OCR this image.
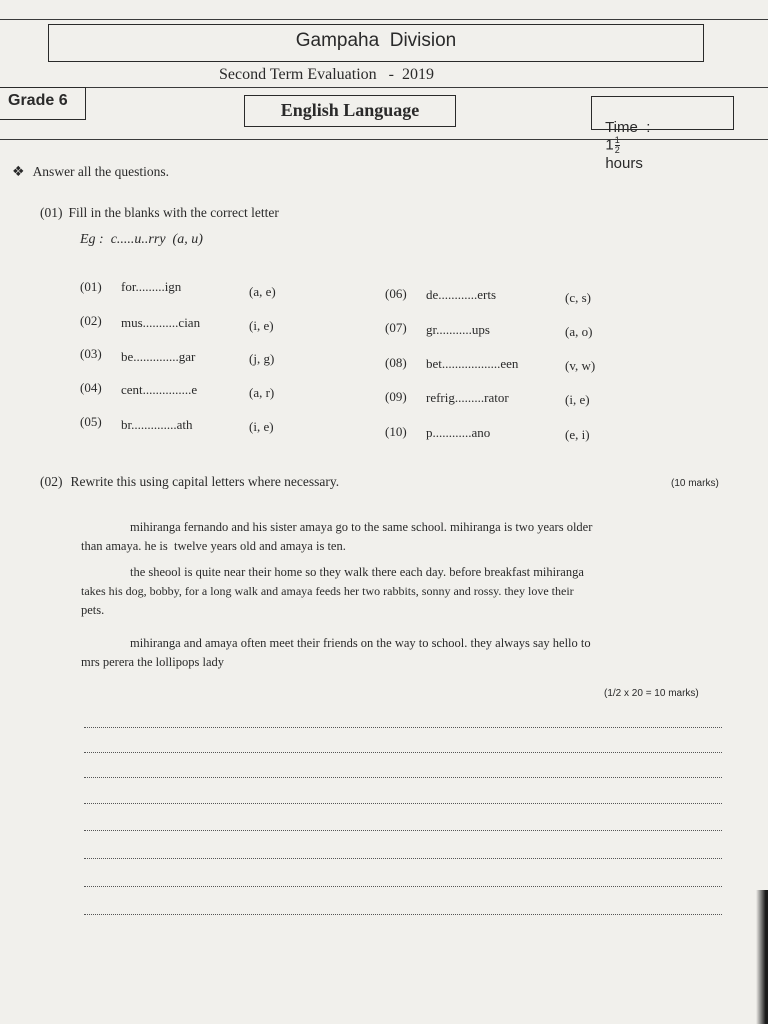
Gampaha  Division
Second Term Evaluation   -  2019
Grade 6	English Language

Time  :
$1 \frac{1}{2}$

hours

❖ Answer all the questions.
(01) Fill in the blanks with the correct letter
Eg :  c.....u..rry  (a, u)
(01) for.........ign	(a, e)
(02) mus...........cian	(i, e)
(03) be..............gar	(j, g)
(04) cent...............e	(a, r)
(05) br..............ath	(i, e)
(06) de............erts	(c, s)
(07) gr...........ups	(a, o)
(08) bet..................een	(v, w)
(09) refrig.........rator	(i, e)
(10) p............ano	(e, i)
(02) Rewrite this using capital letters where necessary.	(10 marks)
mihiranga fernando and his sister amaya go to the same school. mihiranga is two years older
than amaya. he is  twelve years old and amaya is ten.
the sheool is quite near their home so they walk there each day. before breakfast mihiranga
takes his dog, bobby, for a long walk and amaya feeds her two rabbits, sonny and rossy. they love their
pets.
mihiranga and amaya often meet their friends on the way to school. they always say hello to
mrs perera the lollipops lady
(1/2 x 20 = 10 marks)
